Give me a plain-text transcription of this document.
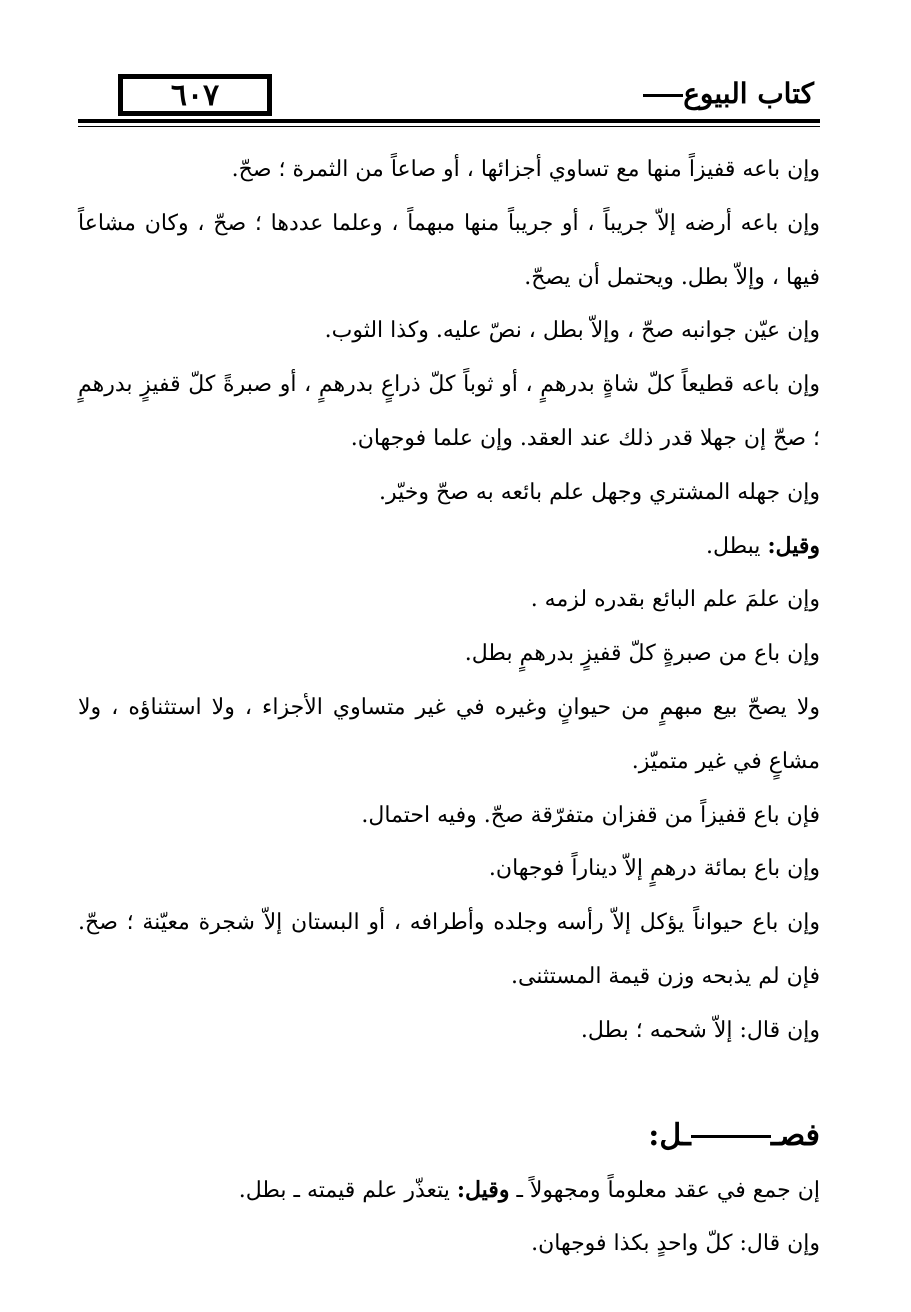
٦٠٧	كتاب البيوع

وإن باعه قفيزاً منها مع تساوي أجزائها ، أو صاعاً من الثمرة ؛ صحّ.

وإن باعه أرضه إلاّ جريباً ، أو جريباً منها مبهماً ، وعلما عددها ؛ صحّ ، وكان مشاعاً فيها ، وإلاّ بطل. ويحتمل أن يصحّ.

وإن عيّن جوانبه صحّ ، وإلاّ بطل ، نصّ عليه. وكذا الثوب.

وإن باعه قطيعاً كلّ شاةٍ بدرهمٍ ، أو ثوباً كلّ ذراعٍ بدرهمٍ ، أو صبرةً كلّ قفيزٍ بدرهمٍ ؛ صحّ إن جهلا قدر ذلك عند العقد. وإن علما فوجهان.

وإن جهله المشتري وجهل علم بائعه به صحّ وخيّر.

وقيل: يبطل.

وإن علمَ علم البائع بقدره لزمه .

وإن باع من صبرةٍ كلّ قفيزٍ بدرهمٍ بطل.

ولا يصحّ بيع مبهمٍ من حيوانٍ وغيره في غير متساوي الأجزاء ، ولا استثناؤه ، ولا مشاعٍ في غير متميّز.

فإن باع قفيزاً من قفزان متفرّقة صحّ. وفيه احتمال.

وإن باع بمائة درهمٍ إلاّ ديناراً فوجهان.

وإن باع حيواناً يؤكل إلاّ رأسه وجلده وأطرافه ، أو البستان إلاّ شجرة معيّنة ؛ صحّ. فإن لم يذبحه وزن قيمة المستثنى.

وإن قال: إلاّ شحمه ؛ بطل.

فصــل:

إن جمع في عقد معلوماً ومجهولاً ـ وقيل: يتعذّر علم قيمته ـ بطل.

وإن قال: كلّ واحدٍ بكذا فوجهان.
